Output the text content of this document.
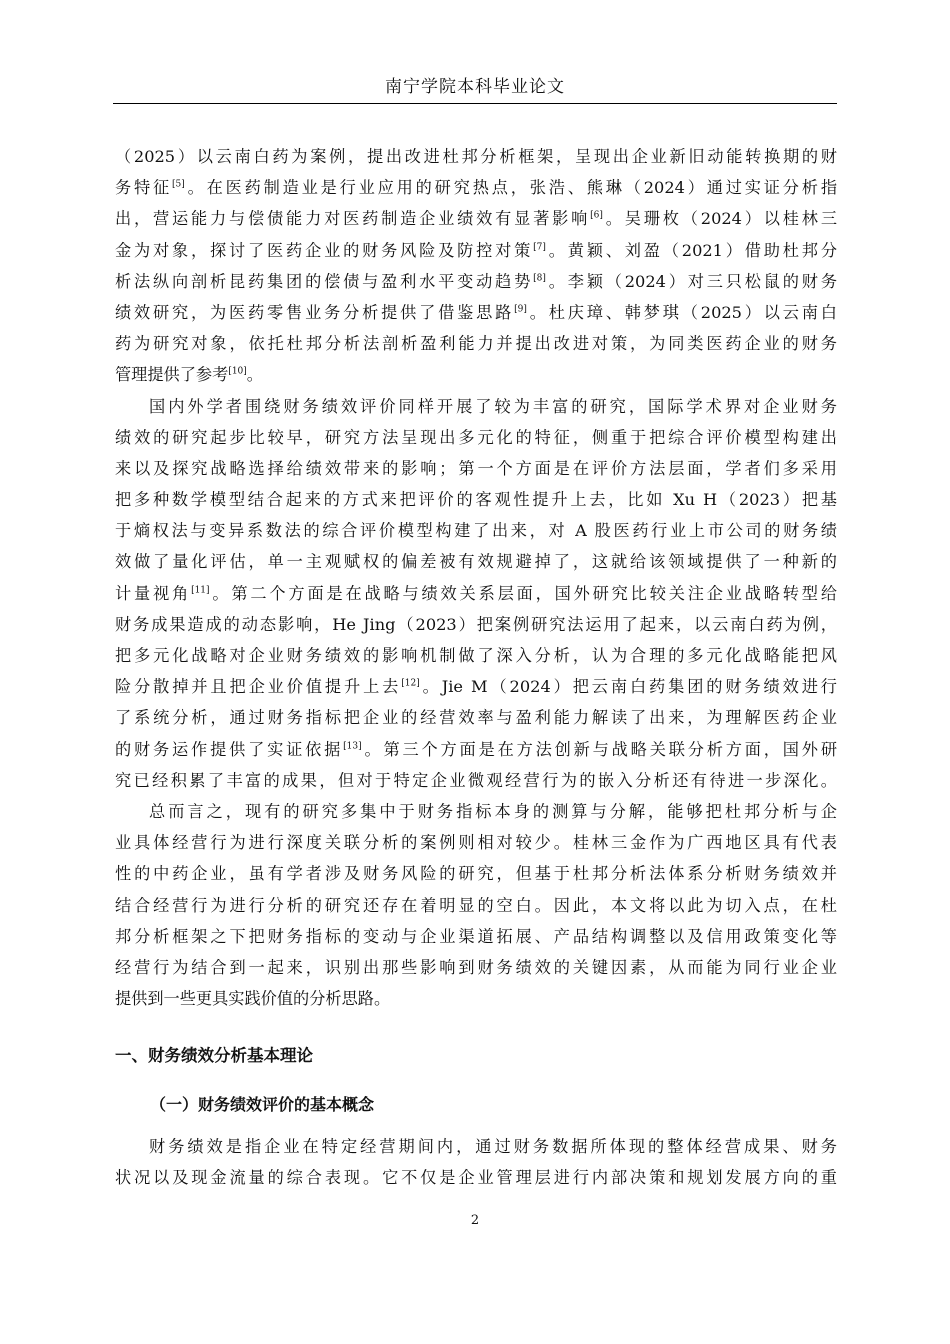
南宁学院本科毕业论文
（2025）以云南白药为案例，提出改进杜邦分析框架，呈现出企业新旧动能转换期的财
务特征[5]。在医药制造业是行业应用的研究热点，张浩、熊琳（2024）通过实证分析指
出，营运能力与偿债能力对医药制造企业绩效有显著影响[6]。吴珊枚（2024）以桂林三
金为对象，探讨了医药企业的财务风险及防控对策[7]。黄颖、刘盈（2021）借助杜邦分
析法纵向剖析昆药集团的偿债与盈利水平变动趋势[8]。李颖（2024）对三只松鼠的财务
绩效研究，为医药零售业务分析提供了借鉴思路[9]。杜庆璋、韩梦琪（2025）以云南白
药为研究对象，依托杜邦分析法剖析盈利能力并提出改进对策，为同类医药企业的财务
管理提供了参考[10]。
国内外学者围绕财务绩效评价同样开展了较为丰富的研究，国际学术界对企业财务
绩效的研究起步比较早，研究方法呈现出多元化的特征，侧重于把综合评价模型构建出
来以及探究战略选择给绩效带来的影响；第一个方面是在评价方法层面，学者们多采用
把多种数学模型结合起来的方式来把评价的客观性提升上去，比如 Xu H（2023）把基
于熵权法与变异系数法的综合评价模型构建了出来，对 A 股医药行业上市公司的财务绩
效做了量化评估，单一主观赋权的偏差被有效规避掉了，这就给该领域提供了一种新的
计量视角[11]。第二个方面是在战略与绩效关系层面，国外研究比较关注企业战略转型给
财务成果造成的动态影响，He Jing（2023）把案例研究法运用了起来，以云南白药为例，
把多元化战略对企业财务绩效的影响机制做了深入分析，认为合理的多元化战略能把风
险分散掉并且把企业价值提升上去[12]。Jie M（2024）把云南白药集团的财务绩效进行
了系统分析，通过财务指标把企业的经营效率与盈利能力解读了出来，为理解医药企业
的财务运作提供了实证依据[13]。第三个方面是在方法创新与战略关联分析方面，国外研
究已经积累了丰富的成果，但对于特定企业微观经营行为的嵌入分析还有待进一步深化。
总而言之，现有的研究多集中于财务指标本身的测算与分解，能够把杜邦分析与企
业具体经营行为进行深度关联分析的案例则相对较少。桂林三金作为广西地区具有代表
性的中药企业，虽有学者涉及财务风险的研究，但基于杜邦分析法体系分析财务绩效并
结合经营行为进行分析的研究还存在着明显的空白。因此，本文将以此为切入点，在杜
邦分析框架之下把财务指标的变动与企业渠道拓展、产品结构调整以及信用政策变化等
经营行为结合到一起来，识别出那些影响到财务绩效的关键因素，从而能为同行业企业
提供到一些更具实践价值的分析思路。
一、财务绩效分析基本理论
（一）财务绩效评价的基本概念
财务绩效是指企业在特定经营期间内，通过财务数据所体现的整体经营成果、财务
状况以及现金流量的综合表现。它不仅是企业管理层进行内部决策和规划发展方向的重
2
